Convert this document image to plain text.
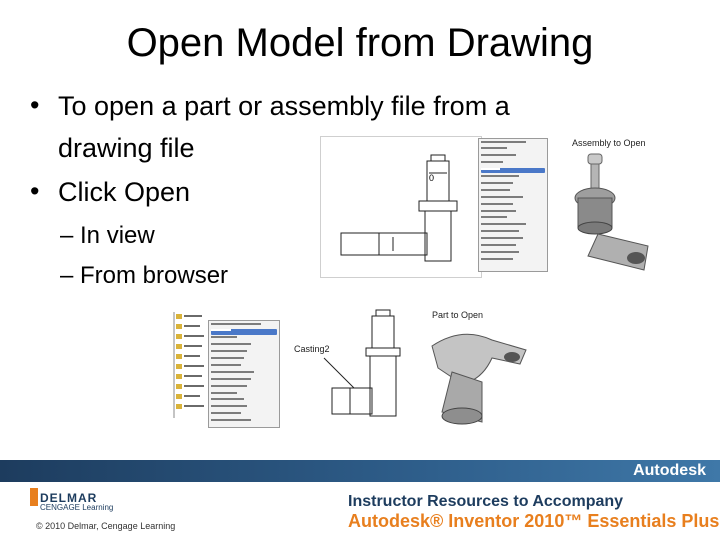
Open Model from Drawing
• To open a part or assembly file from a
drawing file
• Click Open
– In view
– From browser
0
Assembly to Open
Casting2
Part to Open
Autodesk
DELMAR
CENGAGE Learning
© 2010 Delmar, Cengage Learning
Instructor Resources to Accompany
Autodesk® Inventor 2010™ Essentials Plus
